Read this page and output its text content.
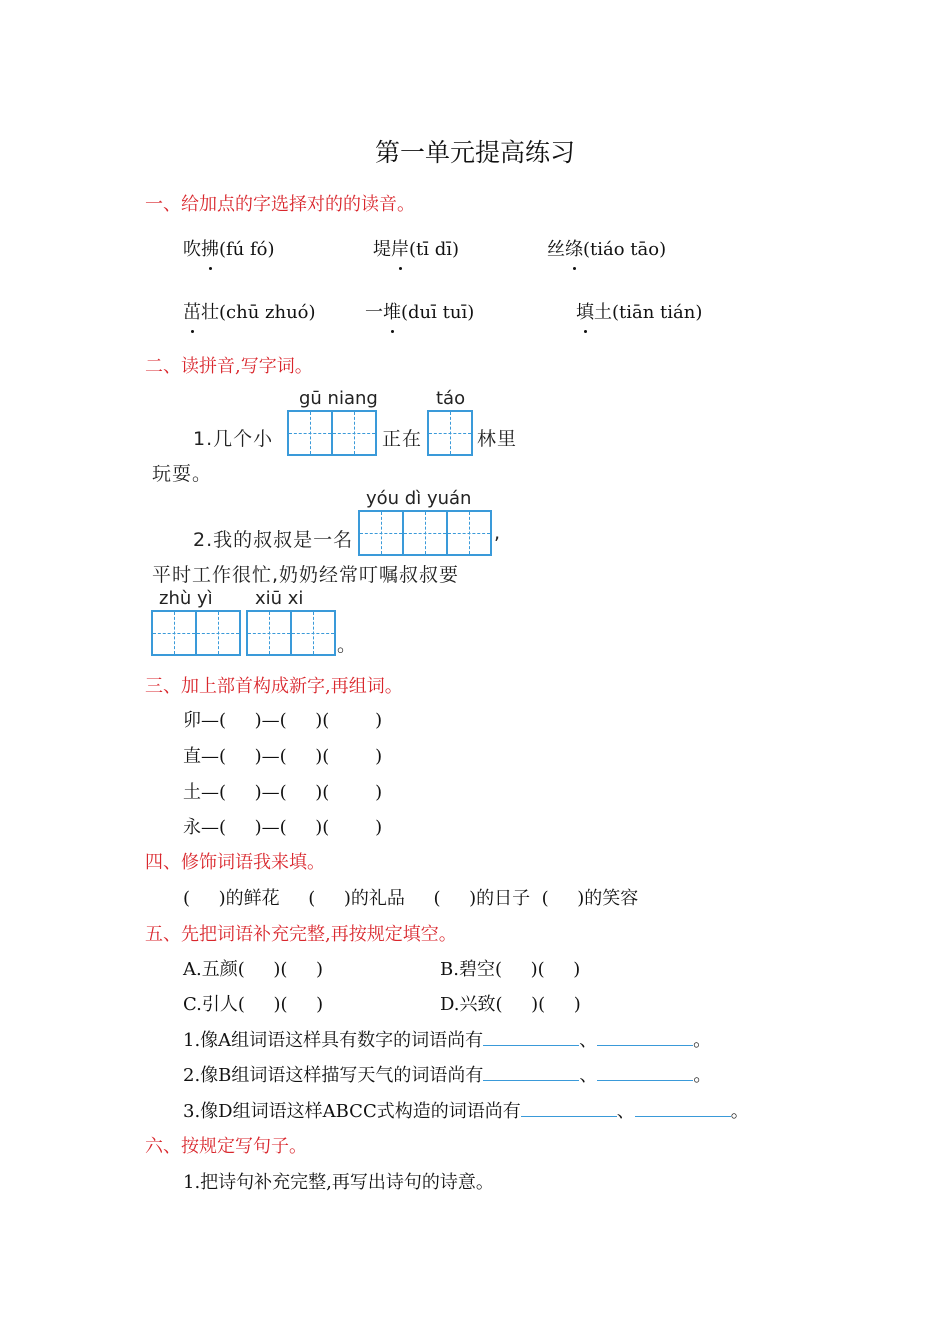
第一单元提高练习
一、给加点的字选择对的的读音。
吹拂(fú fó)	堤岸(tī dī)	丝绦(tiáo tāo)
茁壮(chū zhuó)	一堆(duī tuī)	填土(tiān tián)
二、读拼音,写字词。
gū niang	táo
1.几个小	正在	林里
玩耍。
yóu dì yuán
2.我的叔叔是一名	,
平时工作很忙,奶奶经常叮嘱叔叔要
zhù yì xiū xi
。
三、加上部首构成新字,再组词。
卯—(     )—(     )(        )
直—(     )—(     )(        )
土—(     )—(     )(        )
永—(     )—(     )(        )
四、修饰词语我来填。
(     )的鲜花     (     )的礼品     (     )的日子  (     )的笑容
五、先把词语补充完整,再按规定填空。
A.五颜(     )(     )	B.碧空(     )(     )
C.引人(     )(     )	D.兴致(     )(     )
1.像A组词语这样具有数字的词语尚有	、	。
2.像B组词语这样描写天气的词语尚有	、	。
3.像D组词语这样ABCC式构造的词语尚有	、	。
六、按规定写句子。
1.把诗句补充完整,再写出诗句的诗意。
